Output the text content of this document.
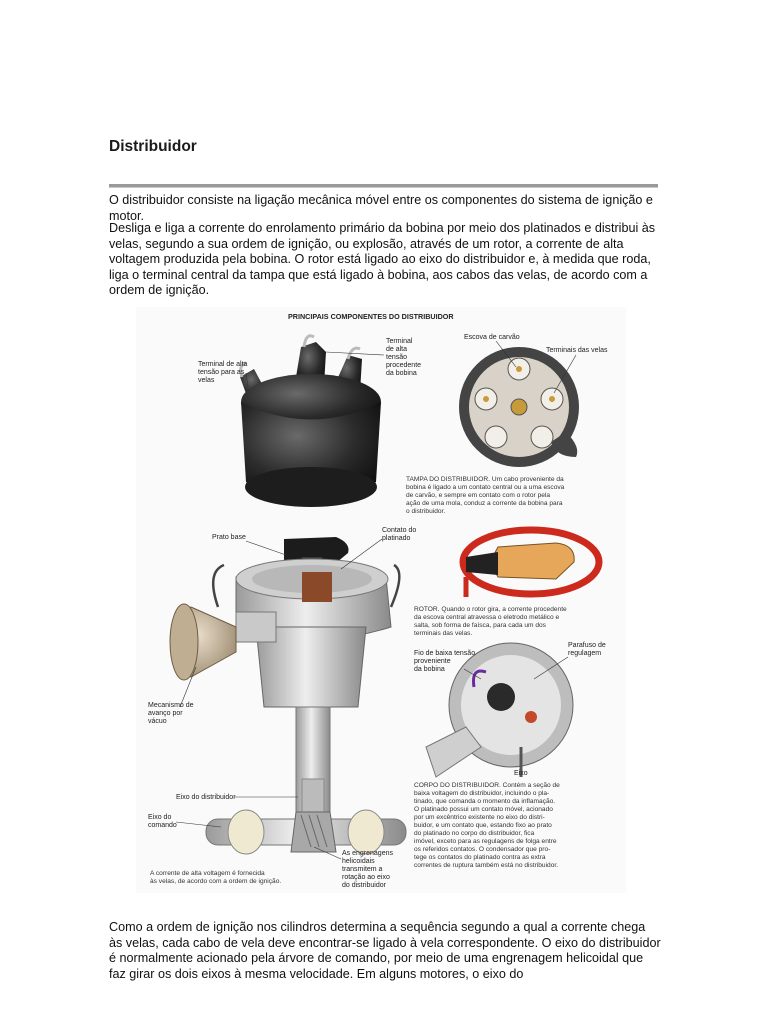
Distribuidor
O distribuidor consiste na ligação mecânica móvel entre os componentes do sistema de ignição e motor.
Desliga e liga a corrente do enrolamento primário da bobina por meio dos platinados e distribui às velas, segundo a sua ordem de ignição, ou explosão, através de um rotor, a corrente de alta voltagem produzida pela bobina. O rotor está ligado ao eixo do distribuidor e, à medida que roda, liga o terminal central da tampa que está ligado à bobina, aos cabos das velas, de acordo com a ordem de ignição.
PRINCIPAIS COMPONENTES DO DISTRIBUIDOR
Terminal de alta
tensão para as
velas
Terminal
de alta
tensão
procedente
da bobina
Escova de carvão
Terminais das velas
TAMPA DO DISTRIBUIDOR. Um cabo proveniente da
bobina é ligado a um contato central ou a uma escova
de carvão, e sempre em contato com o rotor pela
ação de uma mola, conduz a corrente da bobina para
o distribuidor.
Prato base
Contato do
platinado
ROTOR. Quando o rotor gira, a corrente procedente
da escova central atravessa o eletrodo metálico e
salta, sob forma de faísca, para cada um dos
terminais das velas.
Fio de baixa tensão
proveniente
da bobina
Parafuso de
regulagem
Mecanismo de
avanço por
vácuo
Eixo
CORPO DO DISTRIBUIDOR. Contém a seção de
baixa voltagem do distribuidor, incluindo o pla-
tinado, que comanda o momento da inflamação.
O platinado possui um contato móvel, acionado
por um excêntrico existente no eixo do distri-
buidor, e um contato que, estando fixo ao prato
do platinado no corpo do distribuidor, fica
imóvel, exceto para as regulagens de folga entre
os referidos contatos. O condensador que pro-
tege os contatos do platinado contra as extra
correntes de ruptura também está no distribuidor.
Eixo do distribuidor
Eixo do
comando
As engrenagens
helicoidais
transmitem a
rotação ao eixo
do distribuidor
A corrente de alta voltagem é fornecida
às velas, de acordo com a ordem de ignição.
Como a ordem de ignição nos cilindros determina a sequência segundo a qual a corrente chega às velas, cada cabo de vela deve encontrar-se ligado à vela correspondente. O eixo do distribuidor é normalmente acionado pela árvore de comando, por meio de uma engrenagem helicoidal que faz girar os dois eixos à mesma velocidade. Em alguns motores, o eixo do
